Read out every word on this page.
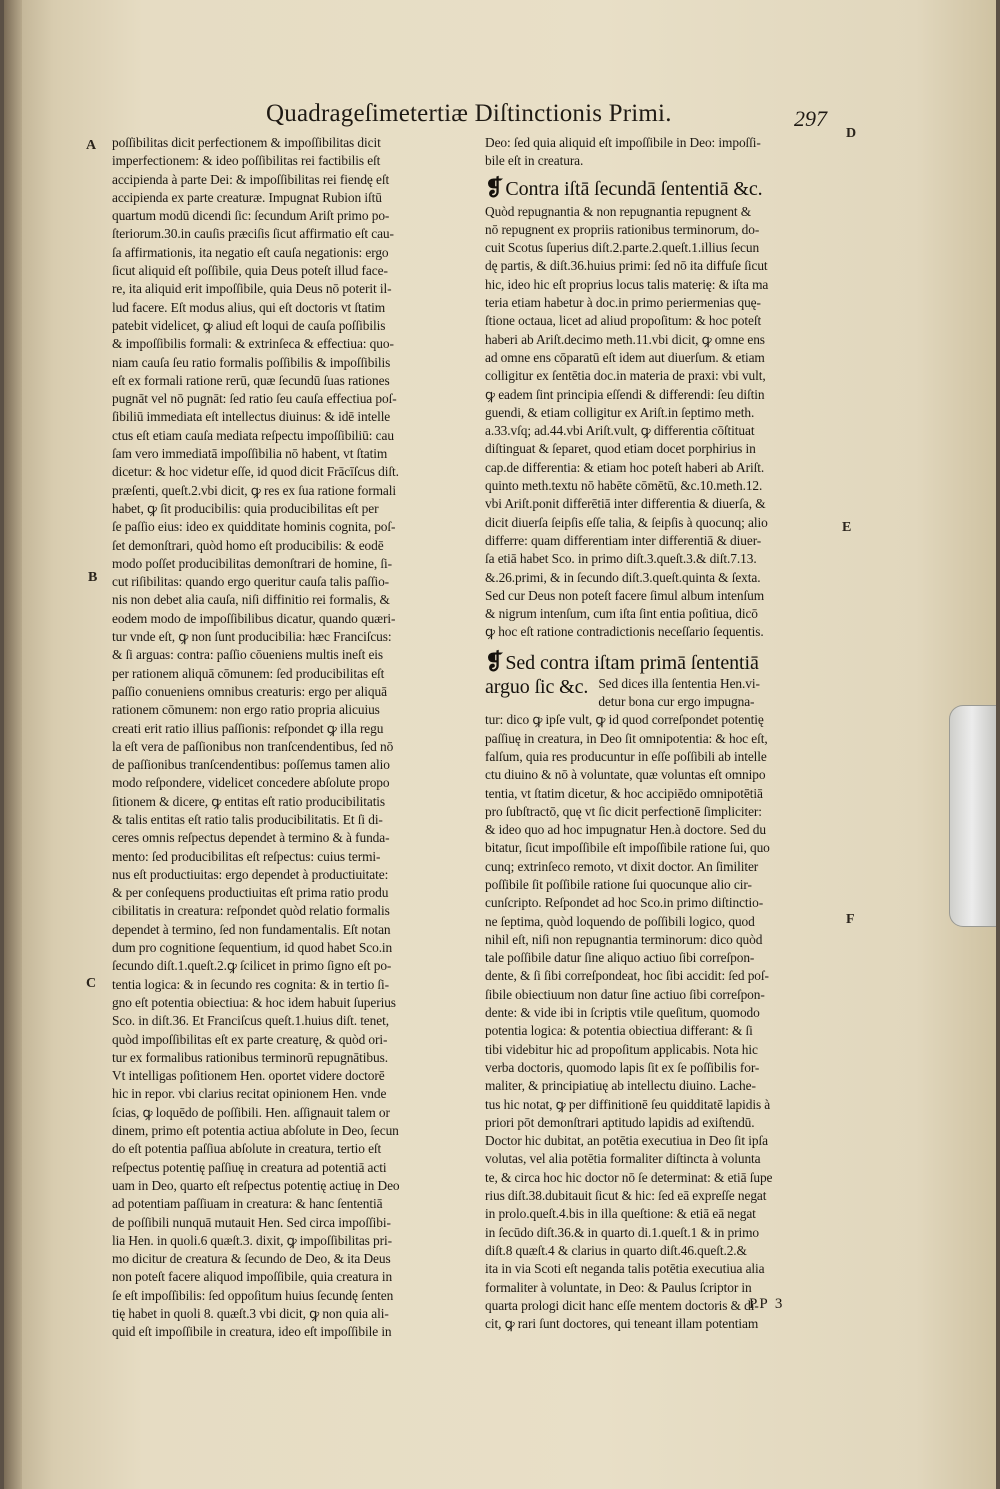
Quadrageſimetertiæ Diſtinctionis Primi.	297
A
B
C
D
E
F
poſſibilitas dicit perfectionem & impoſſibilitas dicit
imperfectionem: & ideo poſſibilitas rei factibilis eſt
accipienda à parte Dei: & impoſſibilitas rei fiendę eſt
accipienda ex parte creaturæ. Impugnat Rubion iſtū
quartum modū dicendi ſic: ſecundum Ariſt primo po-
ſteriorum.30.in cauſis præciſis ſicut affirmatio eſt cau-
ſa affirmationis, ita negatio eſt cauſa negationis: ergo
ſicut aliquid eſt poſſibile, quia Deus poteſt illud face-
re, ita aliquid erit impoſſibile, quia Deus nō poterit il-
lud facere. Eſt modus alius, qui eſt doctoris vt ſtatim
patebit videlicet, ꝙ aliud eſt loqui de cauſa poſſibilis
& impoſſibilis formali: & extrinſeca & effectiua: quo-
niam cauſa ſeu ratio formalis poſſibilis & impoſſibilis
eſt ex formali ratione rerū, quæ ſecundū ſuas rationes
pugnāt vel nō pugnāt: ſed ratio ſeu cauſa effectiua poſ-
ſibiliū immediata eſt intellectus diuinus: & idē intelle
ctus eſt etiam cauſa mediata reſpectu impoſſibiliū: cau
ſam vero immediatā impoſſibilia nō habent, vt ſtatim
dicetur: & hoc videtur eſſe, id quod dicit Frācīſcus diſt.
præſenti, queſt.2.vbi dicit, ꝙ res ex ſua ratione formali
habet, ꝙ ſit producibilis: quia producibilitas eſt per
ſe paſſio eius: ideo ex quidditate hominis cognita, poſ-
ſet demonſtrari, quòd homo eſt producibilis: & eodē
modo poſſet producibilitas demonſtrari de homine, ſi-
cut riſibilitas: quando ergo queritur cauſa talis paſſio-
nis non debet alia cauſa, niſi diffinitio rei formalis, &
eodem modo de impoſſibilibus dicatur, quando quæri-
tur vnde eſt, ꝙ non ſunt producibilia: hæc Franciſcus:
& ſi arguas: contra: paſſio cōueniens multis ineſt eis
per rationem aliquā cōmunem: ſed producibilitas eſt
paſſio conueniens omnibus creaturis: ergo per aliquā
rationem cōmunem: non ergo ratio propria alicuius
creati erit ratio illius paſſionis: reſpondet ꝙ illa regu
la eſt vera de paſſionibus non tranſcendentibus, ſed nō
de paſſionibus tranſcendentibus: poſſemus tamen alio
modo reſpondere, videlicet concedere abſolute propo
ſitionem & dicere, ꝙ entitas eſt ratio producibilitatis
& talis entitas eſt ratio talis producibilitatis. Et ſi di-
ceres omnis reſpectus dependet à termino & à funda-
mento: ſed producibilitas eſt reſpectus: cuius termi-
nus eſt productiuitas: ergo dependet à productiuitate:
& per conſequens productiuitas eſt prima ratio produ
cibilitatis in creatura: reſpondet quòd relatio formalis
dependet à termino, ſed non fundamentalis. Eſt notan
dum pro cognitione ſequentium, id quod habet Sco.in
ſecundo diſt.1.queſt.2.ꝙ ſcilicet in primo ſigno eſt po-
tentia logica: & in ſecundo res cognita: & in tertio ſi-
gno eſt potentia obiectiua: & hoc idem habuit ſuperius
Sco. in diſt.36. Et Franciſcus queſt.1.huius diſt. tenet,
quòd impoſſibilitas eſt ex parte creaturę, & quòd ori-
tur ex formalibus rationibus terminorū repugnātibus.
Vt intelligas poſitionem Hen. oportet videre doctorē
hic in repor. vbi clarius recitat opinionem Hen. vnde
ſcias, ꝙ loquēdo de poſſibili. Hen. aſſignauit talem or
dinem, primo eſt potentia actiua abſolute in Deo, ſecun
do eſt potentia paſſiua abſolute in creatura, tertio eſt
reſpectus potentię paſſiuę in creatura ad potentiā acti
uam in Deo, quarto eſt reſpectus potentię actiuę in Deo
ad potentiam paſſiuam in creatura: & hanc ſententiā
de poſſibili nunquā mutauit Hen. Sed circa impoſſibi-
lia Hen. in quoli.6 quæſt.3. dixit, ꝙ impoſſibilitas pri-
mo dicitur de creatura & ſecundo de Deo, & ita Deus
non poteſt facere aliquod impoſſibile, quia creatura in
ſe eſt impoſſibilis: ſed oppoſitum huius ſecundę ſenten
tię habet in quoli 8. quæſt.3 vbi dicit, ꝙ non quia ali-
quid eſt impoſſibile in creatura, ideo eſt impoſſibile in
Deo: ſed quia aliquid eſt impoſſibile in Deo: impoſſi-
bile eſt in creatura.
❡ Contra iſtā ſecundā ſententiā &c.
Quòd repugnantia & non repugnantia repugnent &
nō repugnent ex propriis rationibus terminorum, do-
cuit Scotus ſuperius diſt.2.parte.2.queſt.1.illius ſecun
dę partis, & diſt.36.huius primi: ſed nō ita diffuſe ſicut
hic, ideo hic eſt proprius locus talis materię: & iſta ma
teria etiam habetur à doc.in primo periermenias quę-
ſtione octaua, licet ad aliud propoſitum: & hoc poteſt
haberi ab Ariſt.decimo meth.11.vbi dicit, ꝙ omne ens
ad omne ens cōparatū eſt idem aut diuerſum. & etiam
colligitur ex ſentētia doc.in materia de praxi: vbi vult,
ꝙ eadem ſint principia eſſendi & differendi: ſeu diſtin
guendi, & etiam colligitur ex Ariſt.in ſeptimo meth.
a.33.vſq; ad.44.vbi Ariſt.vult, ꝙ differentia cōſtituat
diſtinguat & ſeparet, quod etiam docet porphirius in
cap.de differentia: & etiam hoc poteſt haberi ab Ariſt.
quinto meth.textu nō habēte cōmētū, &c.10.meth.12.
vbi Ariſt.ponit differētiā inter differentia & diuerſa, &
dicit diuerſa ſeipſis eſſe talia, & ſeipſis à quocunq; alio
differre: quam differentiam inter differentiā & diuer-
ſa etiā habet Sco. in primo diſt.3.queſt.3.& diſt.7.13.
&.26.primi, & in ſecundo diſt.3.queſt.quinta & ſexta.
Sed cur Deus non poteſt facere ſimul album intenſum
& nigrum intenſum, cum iſta ſint entia poſitiua, dicō
ꝙ hoc eſt ratione contradictionis neceſſario ſequentis.
❡ Sed contra iſtam primā ſententiā
arguo ſic &c. Sed dices illa ſententia Hen.vi-
detur bona cur ergo impugna-
tur: dico ꝙ ipſe vult, ꝙ id quod correſpondet potentię
paſſiuę in creatura, in Deo ſit omnipotentia: & hoc eſt,
falſum, quia res producuntur in eſſe poſſibili ab intelle
ctu diuino & nō à voluntate, quæ voluntas eſt omnipo
tentia, vt ſtatim dicetur, & hoc accipiēdo omnipotētiā
pro ſubſtractō, quę vt ſic dicit perfectionē ſimpliciter:
& ideo quo ad hoc impugnatur Hen.à doctore. Sed du
bitatur, ſicut impoſſibile eſt impoſſibile ratione ſui, quo
cunq; extrinſeco remoto, vt dixit doctor. An ſimiliter
poſſibile ſit poſſibile ratione ſui quocunque alio cir-
cunſcripto. Reſpondet ad hoc Sco.in primo diſtinctio-
ne ſeptima, quòd loquendo de poſſibili logico, quod
nihil eſt, niſi non repugnantia terminorum: dico quòd
tale poſſibile datur ſine aliquo actiuo ſibi correſpon-
dente, & ſi ſibi correſpondeat, hoc ſibi accidit: ſed poſ-
ſibile obiectiuum non datur ſine actiuo ſibi correſpon-
dente: & vide ibi in ſcriptis vtile queſitum, quomodo
potentia logica: & potentia obiectiua differant: & ſi
tibi videbitur hic ad propoſitum applicabis. Nota hic
verba doctoris, quomodo lapis ſit ex ſe poſſibilis for-
maliter, & principiatiuę ab intellectu diuino. Lache-
tus hic notat, ꝙ per diffinitionē ſeu quidditatē lapidis à
priori pōt demonſtrari aptitudo lapidis ad exiſtendū.
Doctor hic dubitat, an potētia executiua in Deo ſit ipſa
volutas, vel alia potētia formaliter diſtincta à volunta
te, & circa hoc hic doctor nō ſe determinat: & etiā ſupe
rius diſt.38.dubitauit ſicut & hic: ſed eā expreſſe negat
in prolo.queſt.4.bis in illa queſtione: & etiā eā negat
in ſecūdo diſt.36.& in quarto di.1.queſt.1 & in primo
diſt.8 quæſt.4 & clarius in quarto diſt.46.queſt.2.&
ita in via Scoti eſt neganda talis potētia executiua alia
formaliter à voluntate, in Deo: & Paulus ſcriptor in
quarta prologi dicit hanc eſſe mentem doctoris & di-
cit, ꝙ rari ſunt doctores, qui teneant illam potentiam
PP 3
